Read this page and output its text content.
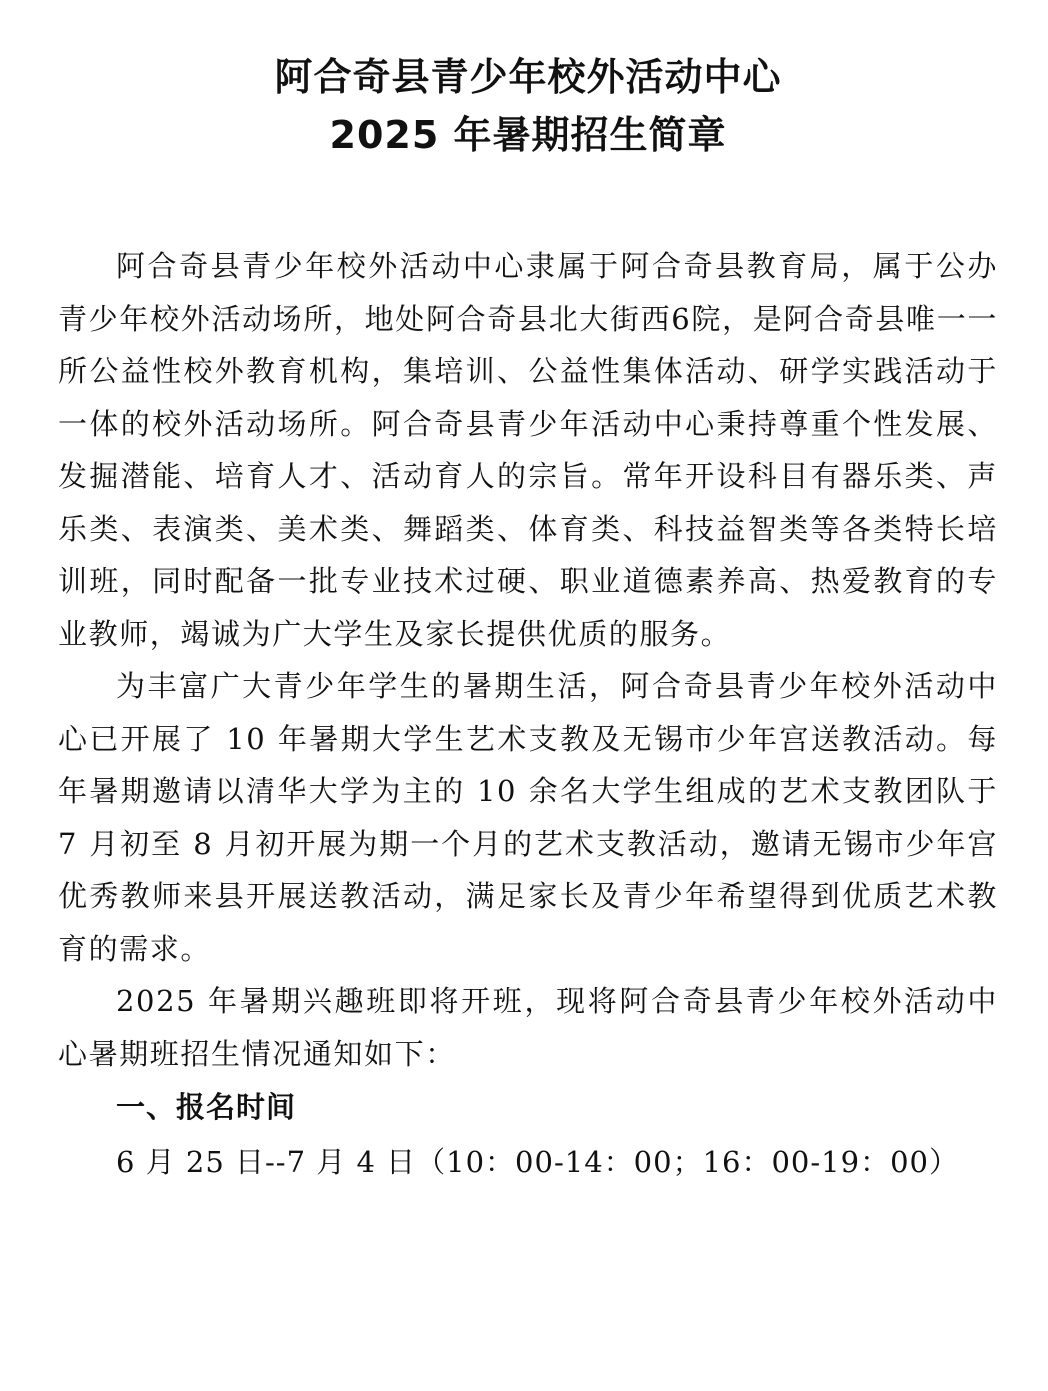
阿合奇县青少年校外活动中心
2025 年暑期招生简章

阿合奇县青少年校外活动中心隶属于阿合奇县教育局，属于公办青少年校外活动场所，地处阿合奇县北大街西6院，是阿合奇县唯一一所公益性校外教育机构，集培训、公益性集体活动、研学实践活动于一体的校外活动场所。阿合奇县青少年活动中心秉持尊重个性发展、发掘潜能、培育人才、活动育人的宗旨。常年开设科目有器乐类、声乐类、表演类、美术类、舞蹈类、体育类、科技益智类等各类特长培训班，同时配备一批专业技术过硬、职业道德素养高、热爱教育的专业教师，竭诚为广大学生及家长提供优质的服务。

为丰富广大青少年学生的暑期生活，阿合奇县青少年校外活动中心已开展了 10 年暑期大学生艺术支教及无锡市少年宫送教活动。每年暑期邀请以清华大学为主的 10 余名大学生组成的艺术支教团队于 7 月初至 8 月初开展为期一个月的艺术支教活动，邀请无锡市少年宫优秀教师来县开展送教活动，满足家长及青少年希望得到优质艺术教育的需求。

2025 年暑期兴趣班即将开班，现将阿合奇县青少年校外活动中心暑期班招生情况通知如下：

一、报名时间

6 月 25 日--7 月 4 日（10：00-14：00；16：00-19：00）
